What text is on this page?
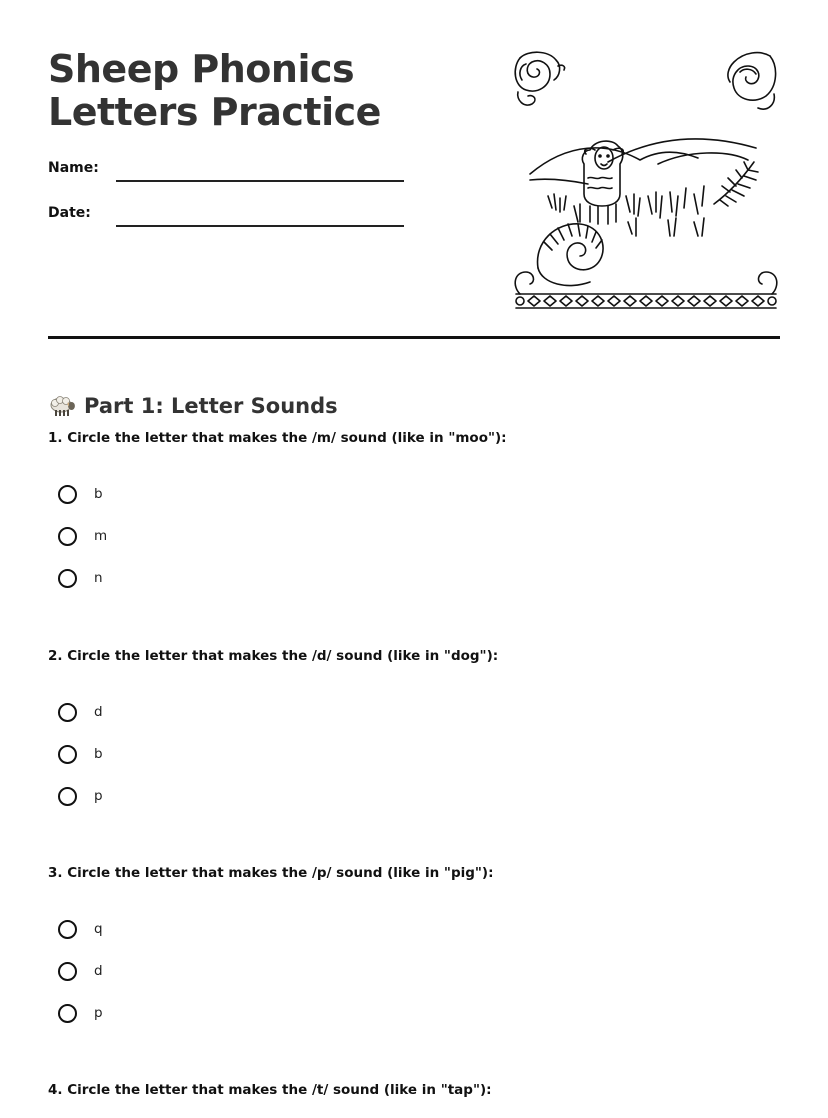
Sheep Phonics Letters Practice
Name:
Date:
Part 1: Letter Sounds

1. Circle the letter that makes the /m/ sound (like in "moo"):

b
m
n

2. Circle the letter that makes the /d/ sound (like in "dog"):

d
b
p

3. Circle the letter that makes the /p/ sound (like in "pig"):

q
d
p

4. Circle the letter that makes the /t/ sound (like in "tap"):
